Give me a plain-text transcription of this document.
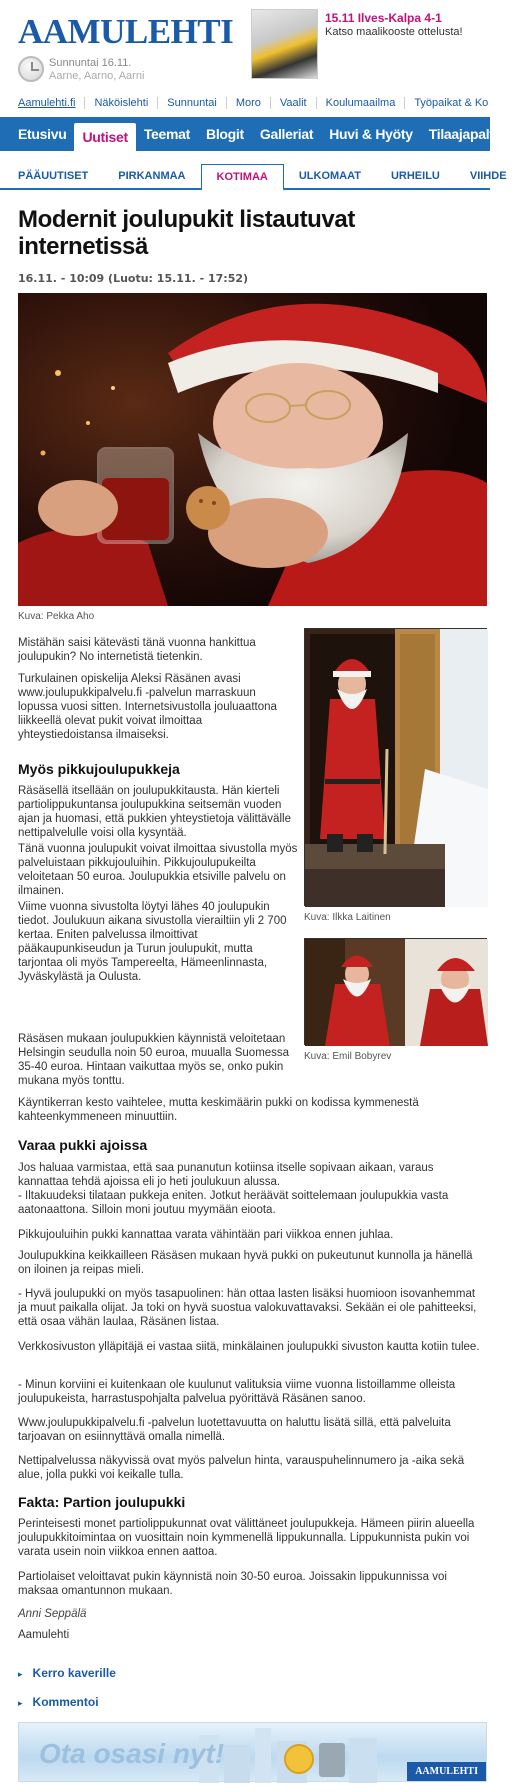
AAMULEHTI
Sunnuntai 16.11.
Aarne, Aarno, Aarni
15.11 Ilves-Kalpa 4-1
Katso maalikooste ottelusta!
Aamulehti.fi Näköislehti Sunnuntai Moro Vaalit Koulumaailma Työpaikat & Ko
Etusivu Uutiset Teemat Blogit Galleriat Huvi & Hyöty Tilaajapalve
PÄÄUUTISET	PIRKANMAA	KOTIMAA	ULKOMAAT	URHEILU	VIIHDE
Modernit joulupukit listautuvat internetissä
16.11. - 10:09 (Luotu: 15.11. - 17:52)
Kuva: Pekka Aho
Kuva: Ilkka Laitinen
Kuva: Emil Bobyrev

Mistähän saisi kätevästi tänä vuonna hankittua joulupukin? No internetistä tietenkin.

Turkulainen opiskelija Aleksi Räsänen avasi www.joulupukkipalvelu.fi -palvelun marraskuun lopussa vuosi sitten. Internetsivustolla jouluaattona liikkeellä olevat pukit voivat ilmoittaa yhteystiedoistansa ilmaiseksi.

Myös pikkujoulupukkeja

Räsäsellä itsellään on joulupukkitausta. Hän kierteli partiolippukuntansa joulupukkina seitsemän vuoden ajan ja huomasi, että pukkien yhteystietoja välittävälle nettipalvelulle voisi olla kysyntää.

Tänä vuonna joulupukit voivat ilmoittaa sivustolla myös palveluistaan pikkujouluihin. Pikkujoulupukeilta veloitetaan 50 euroa. Joulupukkia etsiville palvelu on ilmainen.

Viime vuonna sivustolta löytyi lähes 40 joulupukin tiedot. Joulukuun aikana sivustolla vierailtiin yli 2 700 kertaa. Eniten palvelussa ilmoittivat pääkaupunkiseudun ja Turun joulupukit, mutta tarjontaa oli myös Tampereelta, Hämeenlinnasta, Jyväskylästä ja Oulusta.

Räsäsen mukaan joulupukkien käynnistä veloitetaan Helsingin seudulla noin 50 euroa, muualla Suomessa 35-40 euroa. Hintaan vaikuttaa myös se, onko pukin mukana myös tonttu.

Käyntikerran kesto vaihtelee, mutta keskimäärin pukki on kodissa kymmenestä kahteenkymmeneen minuuttiin.

Varaa pukki ajoissa

Jos haluaa varmistaa, että saa punanutun kotiinsa itselle sopivaan aikaan, varaus kannattaa tehdä ajoissa eli jo heti joulukuun alussa.

- Iltakuudeksi tilataan pukkeja eniten. Jotkut heräävät soittelemaan joulupukkia vasta aatonaattona. Silloin moni joutuu myymään eioota.

Pikkujouluihin pukki kannattaa varata vähintään pari viikkoa ennen juhlaa.

Joulupukkina keikkailleen Räsäsen mukaan hyvä pukki on pukeutunut kunnolla ja hänellä on iloinen ja reipas mieli.

- Hyvä joulupukki on myös tasapuolinen: hän ottaa lasten lisäksi huomioon isovanhemmat ja muut paikalla olijat. Ja toki on hyvä suostua valokuvattavaksi. Sekään ei ole pahitteeksi, että osaa vähän laulaa, Räsänen listaa.

Verkkosivuston ylläpitäjä ei vastaa siitä, minkälainen joulupukki sivuston kautta kotiin tulee.

- Minun korviini ei kuitenkaan ole kuulunut valituksia viime vuonna listoillamme olleista joulupukeista, harrastuspohjalta palvelua pyörittävä Räsänen sanoo.

Www.joulupukkipalvelu.fi -palvelun luotettavuutta on haluttu lisätä sillä, että palveluita tarjoavan on esiinnyttävä omalla nimellä.

Nettipalvelussa näkyvissä ovat myös palvelun hinta, varauspuhelinnumero ja -aika sekä alue, jolla pukki voi keikalle tulla.

Fakta: Partion joulupukki

Perinteisesti monet partiolippukunnat ovat välittäneet joulupukkeja. Hämeen piirin alueella joulupukkitoimintaa on vuosittain noin kymmenellä lippukunnalla. Lippukunnista pukin voi varata usein noin viikkoa ennen aattoa.

Partiolaiset veloittavat pukin käynnistä noin 30-50 euroa. Joissakin lippukunnissa voi maksaa omantunnon mukaan.

Anni Seppälä
Aamulehti
▸ Kerro kaverille
▸ Kommentoi
Ota osasi nyt!
AAMULEHTI
